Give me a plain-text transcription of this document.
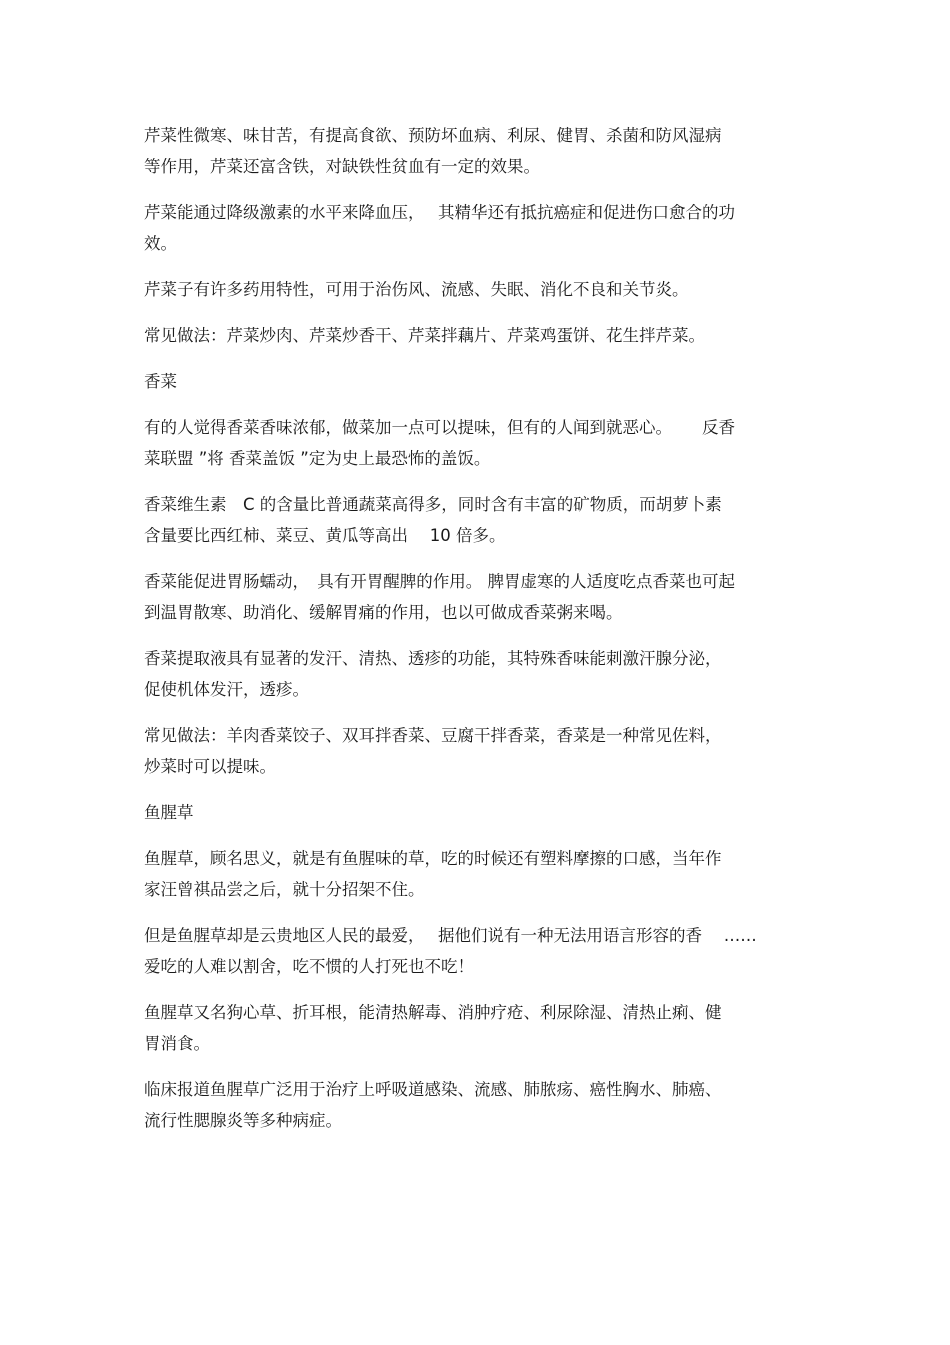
芹菜性微寒、味甘苦，有提高食欲、预防坏血病、利尿、健胃、杀菌和防风湿病
等作用，芹菜还富含铁，对缺铁性贫血有一定的效果。

芹菜能通过降级激素的水平来降血压，　 其精华还有抵抗癌症和促进伤口愈合的功
效。

芹菜子有许多药用特性，可用于治伤风、流感、失眠、消化不良和关节炎。

常见做法：芹菜炒肉、芹菜炒香干、芹菜拌藕片、芹菜鸡蛋饼、花生拌芹菜。

香菜

有的人觉得香菜香味浓郁，做菜加一点可以提味，但有的人闻到就恶心。　　 反香
菜联盟 ”将 香菜盖饭 ”定为史上最恐怖的盖饭。

香菜维生素　C 的含量比普通蔬菜高得多，同时含有丰富的矿物质，而胡萝卜素
含量要比西红柿、菜豆、黄瓜等高出　 10 倍多。

香菜能促进胃肠蠕动，　具有开胃醒脾的作用。 脾胃虚寒的人适度吃点香菜也可起
到温胃散寒、助消化、缓解胃痛的作用，也以可做成香菜粥来喝。

香菜提取液具有显著的发汗、清热、透疹的功能，其特殊香味能刺激汗腺分泌，
促使机体发汗，透疹。

常见做法：羊肉香菜饺子、双耳拌香菜、豆腐干拌香菜，香菜是一种常见佐料，
炒菜时可以提味。

鱼腥草

鱼腥草，顾名思义，就是有鱼腥味的草，吃的时候还有塑料摩擦的口感，当年作
家汪曾祺品尝之后，就十分招架不住。

但是鱼腥草却是云贵地区人民的最爱，　 据他们说有一种无法用语言形容的香　 ……
爱吃的人难以割舍，吃不惯的人打死也不吃！

鱼腥草又名狗心草、折耳根，能清热解毒、消肿疗疮、利尿除湿、清热止痢、健
胃消食。

临床报道鱼腥草广泛用于治疗上呼吸道感染、流感、肺脓疡、癌性胸水、肺癌、
流行性腮腺炎等多种病症。
